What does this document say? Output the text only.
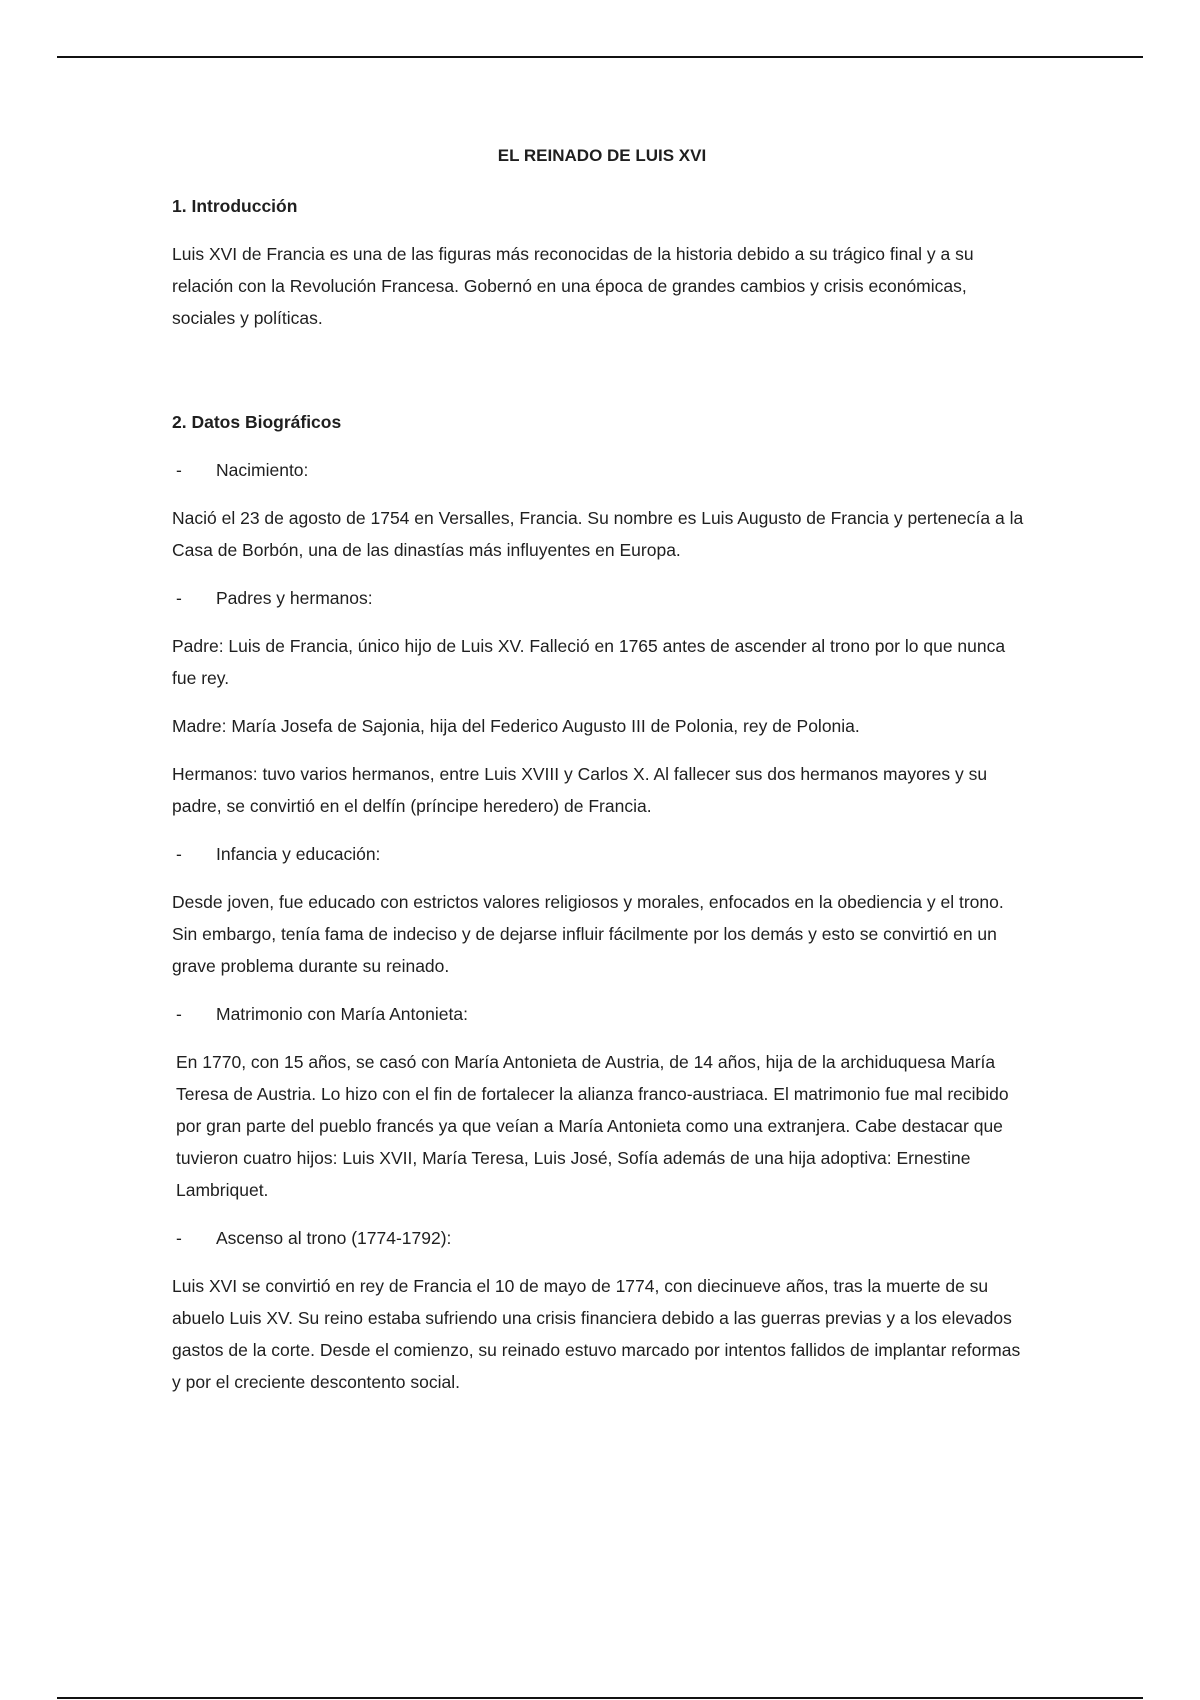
EL REINADO DE LUIS XVI
1. Introducción

Luis XVI de Francia es una de las figuras más reconocidas de la historia debido a su trágico final y a su relación con la Revolución Francesa. Gobernó en una época de grandes cambios y crisis económicas, sociales y políticas.

2. Datos Biográficos
-	Nacimiento:

Nació el 23 de agosto de 1754 en Versalles, Francia. Su nombre es Luis Augusto de Francia y pertenecía a la Casa de Borbón, una de las dinastías más influyentes en Europa.

-	Padres y hermanos:

Padre: Luis de Francia, único hijo de Luis XV. Falleció en 1765 antes de ascender al trono por lo que nunca fue rey.

Madre: María Josefa de Sajonia, hija del Federico Augusto III de Polonia, rey de Polonia.

Hermanos: tuvo varios hermanos, entre Luis XVIII y Carlos X. Al fallecer sus dos hermanos mayores y su padre, se convirtió en el delfín (príncipe heredero) de Francia.

-	Infancia y educación:

Desde joven, fue educado con estrictos valores religiosos y morales, enfocados en la obediencia y el trono. Sin embargo, tenía fama de indeciso y de dejarse influir fácilmente por los demás y esto se convirtió en un grave problema durante su reinado.

-	Matrimonio con María Antonieta:

En 1770, con 15 años, se casó con María Antonieta de Austria, de 14 años, hija de la archiduquesa María Teresa de Austria. Lo hizo con el fin de fortalecer la alianza franco-austriaca. El matrimonio fue mal recibido por gran parte del pueblo francés ya que veían a María Antonieta como una extranjera. Cabe destacar que tuvieron cuatro hijos: Luis XVII, María Teresa, Luis José, Sofía además de una hija adoptiva: Ernestine Lambriquet.

-	Ascenso al trono (1774-1792):

Luis XVI se convirtió en rey de Francia el 10 de mayo de 1774, con diecinueve años, tras la muerte de su abuelo Luis XV. Su reino estaba sufriendo una crisis financiera debido a las guerras previas y a los elevados gastos de la corte. Desde el comienzo, su reinado estuvo marcado por intentos fallidos de implantar reformas y por el creciente descontento social.
